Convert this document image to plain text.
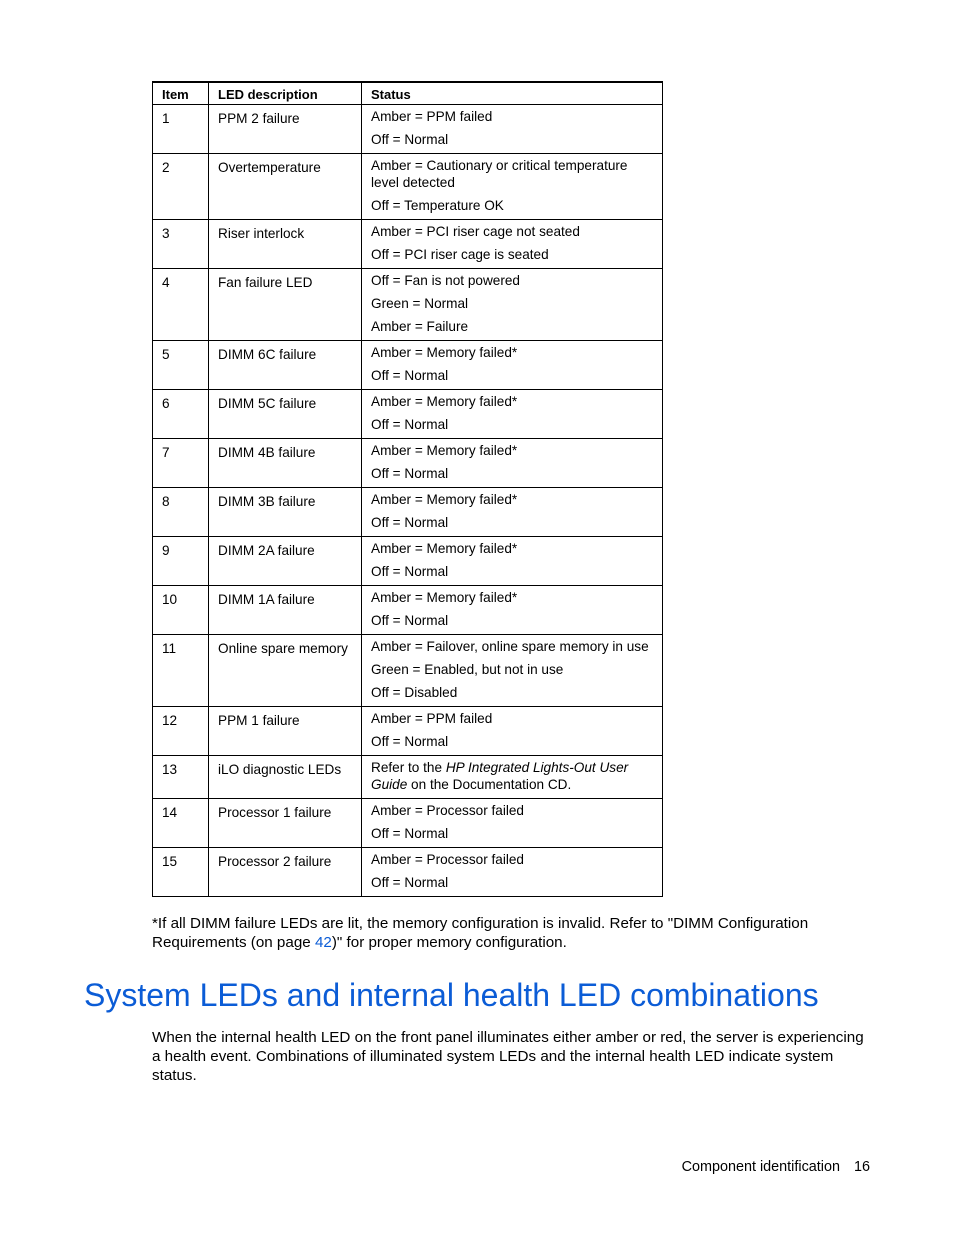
Item	LED description	Status
1	PPM 2 failure	Amber = PPM failed

Off = Normal

2	Overtemperature	Amber = Cautionary or critical temperature level detected

Off = Temperature OK

3	Riser interlock	Amber = PCI riser cage not seated

Off = PCI riser cage is seated

4	Fan failure LED	Off = Fan is not powered

Green = Normal

Amber = Failure

5	DIMM 6C failure	Amber = Memory failed*

Off = Normal

6	DIMM 5C failure	Amber = Memory failed*

Off = Normal

7	DIMM 4B failure	Amber = Memory failed*

Off = Normal

8	DIMM 3B failure	Amber = Memory failed*

Off = Normal

9	DIMM 2A failure	Amber = Memory failed*

Off = Normal

10	DIMM 1A failure	Amber = Memory failed*

Off = Normal

11	Online spare memory	Amber = Failover, online spare memory in use

Green = Enabled, but not in use

Off = Disabled

12	PPM 1 failure	Amber = PPM failed

Off = Normal

13	iLO diagnostic LEDs	Refer to the HP Integrated Lights-Out User Guide on the Documentation CD.

14	Processor 1 failure	Amber = Processor failed

Off = Normal

15	Processor 2 failure	Amber = Processor failed

Off = Normal

*If all DIMM failure LEDs are lit, the memory configuration is invalid. Refer to "DIMM Configuration Requirements (on page 42)" for proper memory configuration.
System LEDs and internal health LED combinations

When the internal health LED on the front panel illuminates either amber or red, the server is experiencing a health event. Combinations of illuminated system LEDs and the internal health LED indicate system status.

Component identification 16
